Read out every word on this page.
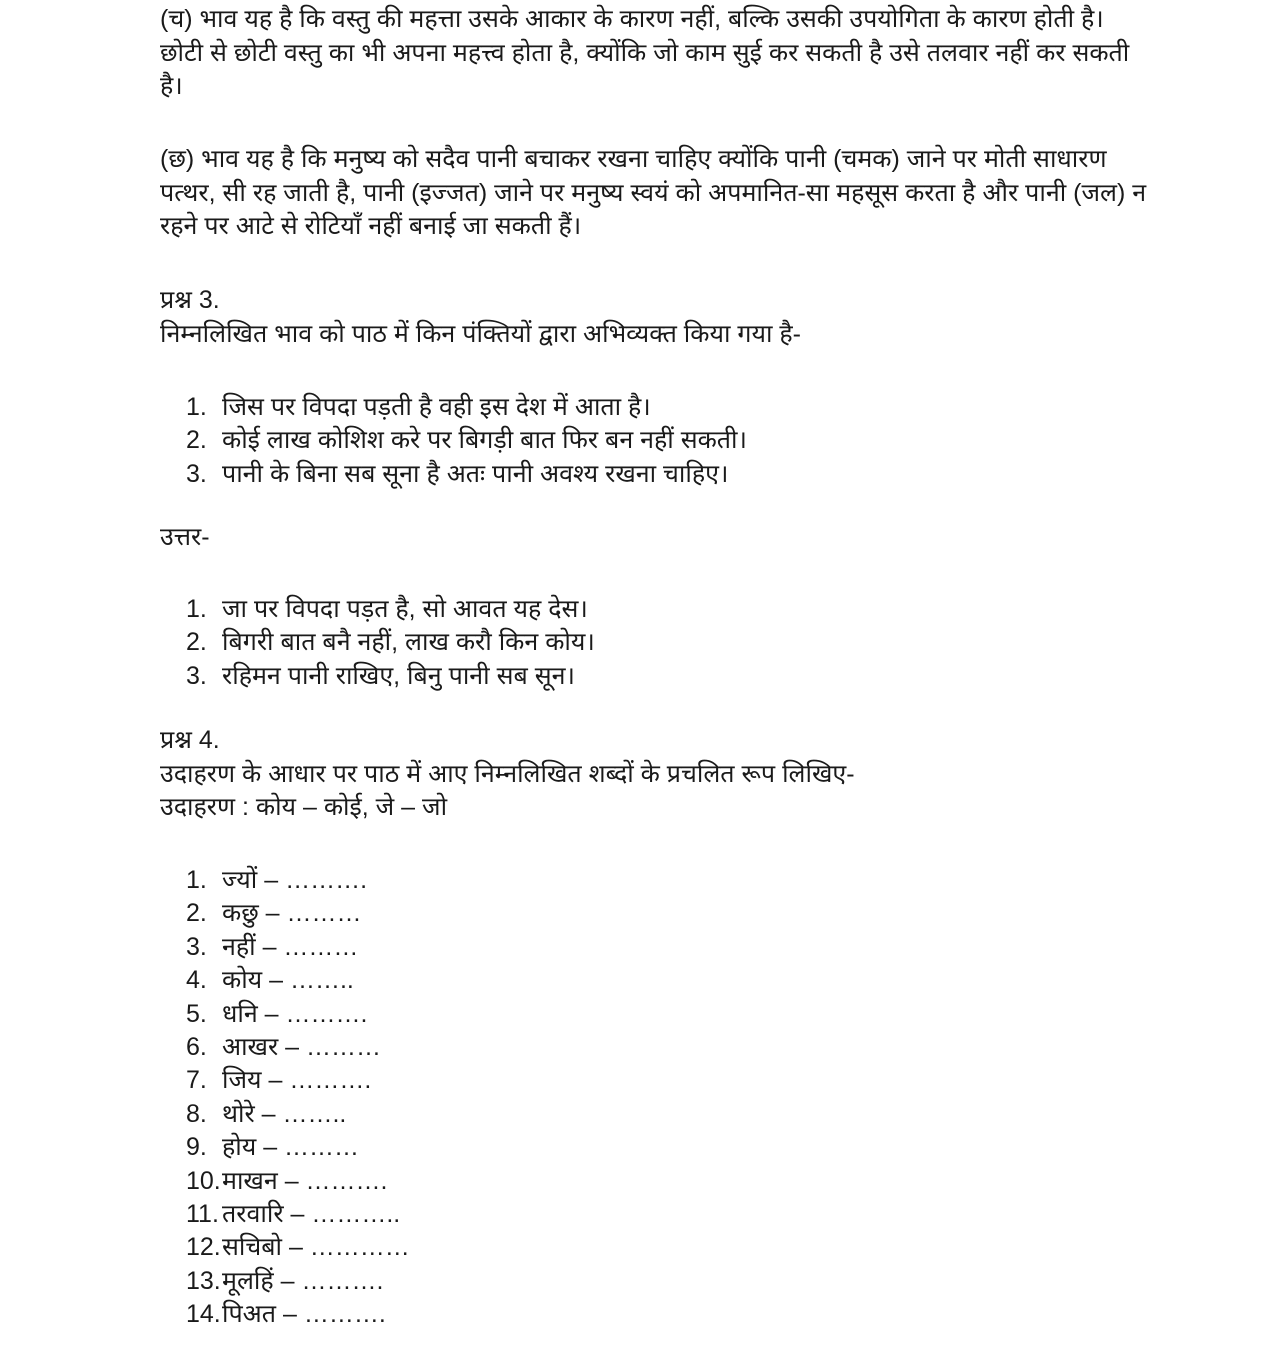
(च) भाव यह है कि वस्तु की महत्ता उसके आकार के कारण नहीं, बल्कि उसकी उपयोगिता के कारण होती है। छोटी से छोटी वस्तु का भी अपना महत्त्व होता है, क्योंकि जो काम सुई कर सकती है उसे तलवार नहीं कर सकती है।

(छ) भाव यह है कि मनुष्य को सदैव पानी बचाकर रखना चाहिए क्योंकि पानी (चमक) जाने पर मोती साधारण पत्थर, सी रह जाती है, पानी (इज्जत) जाने पर मनुष्य स्वयं को अपमानित-सा महसूस करता है और पानी (जल) न रहने पर आटे से रोटियाँ नहीं बनाई जा सकती हैं।

प्रश्न 3.

निम्नलिखित भाव को पाठ में किन पंक्तियों द्वारा अभिव्यक्त किया गया है-

1. जिस पर विपदा पड़ती है वही इस देश में आता है।
2. कोई लाख कोशिश करे पर बिगड़ी बात फिर बन नहीं सकती।
3. पानी के बिना सब सूना है अतः पानी अवश्य रखना चाहिए।

उत्तर-

1. जा पर विपदा पड़त है, सो आवत यह देस।
2. बिगरी बात बनै नहीं, लाख करौ किन कोय।
3. रहिमन पानी राखिए, बिनु पानी सब सून।

प्रश्न 4.

उदाहरण के आधार पर पाठ में आए निम्नलिखित शब्दों के प्रचलित रूप लिखिए-

उदाहरण : कोय – कोई, जे – जो

1. ज्यों – ……….
2. कछु – ………
3. नहीं – ………
4. कोय – ……..
5. धनि – ……….
6. आखर – ………
7. जिय – ……….
8. थोरे – ……..
9. होय – ………
10. माखन – ……….
11. तरवारि – ………..
12. सचिबो – …………
13. मूलहिं – ……….
14. पिअत – ……….
